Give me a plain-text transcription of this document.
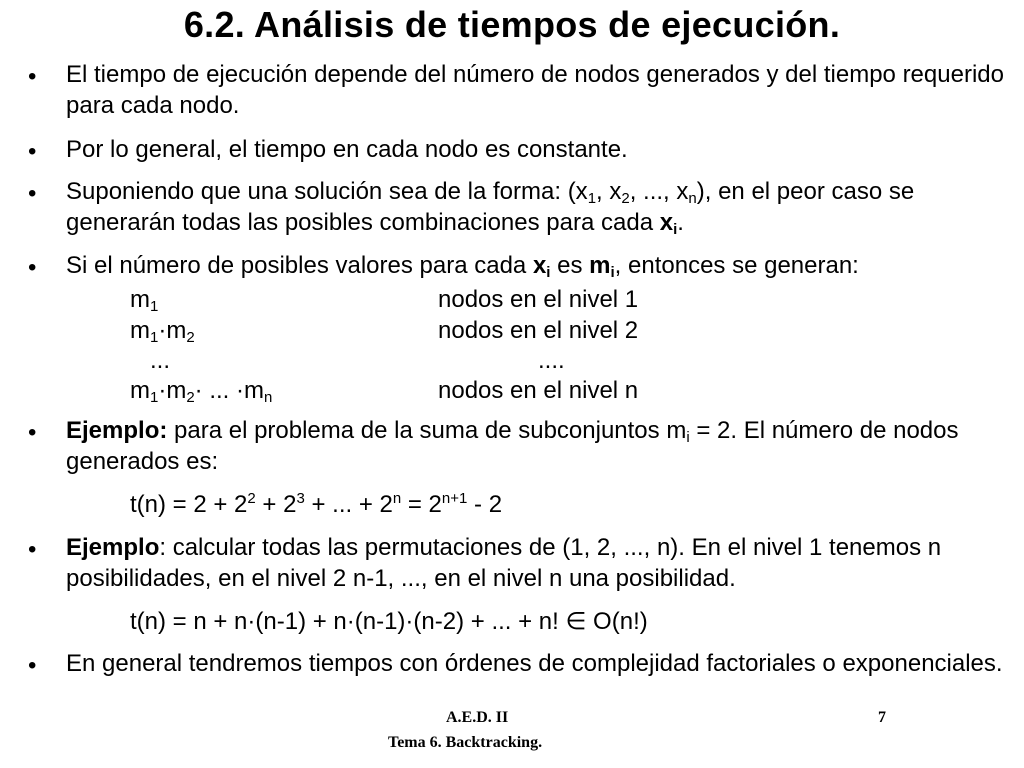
6.2. Análisis de tiempos de ejecución.
• El tiempo de ejecución depende del número de nodos generados y del tiempo requerido para cada nodo.
• Por lo general, el tiempo en cada nodo es constante.
• Suponiendo que una solución sea de la forma: ($x_1$, $x_2$, ..., $x_n$), en el peor caso se generarán todas las posibles combinaciones para cada $x_i$.
• Si el número de posibles valores para cada $x_i$ es $m_i$, entonces se generan:
$m_1$	nodos en el nivel 1
$m_1\cdot m_2$	nodos en el nivel 2
...	....
$m_1\cdot m_2\cdot$ ... $\cdot m_n$	nodos en el nivel n
• Ejemplo: para el problema de la suma de subconjuntos $m_i = 2$. El número de nodos generados es:
$t(n) = 2 + 2^2 + 2^3$ + ... + $2^n = 2^{n+1} - 2$
• Ejemplo: calcular todas las permutaciones de (1, 2, ..., n). En el nivel 1 tenemos n posibilidades, en el nivel 2 n-1, ..., en el nivel n una posibilidad.
t(n) = n + n·(n-1) + n·(n-1)·(n-2) + ... + n! ∈ O(n!)
• En general tendremos tiempos con órdenes de complejidad factoriales o exponenciales.
A.E.D. II	7
Tema 6. Backtracking.
